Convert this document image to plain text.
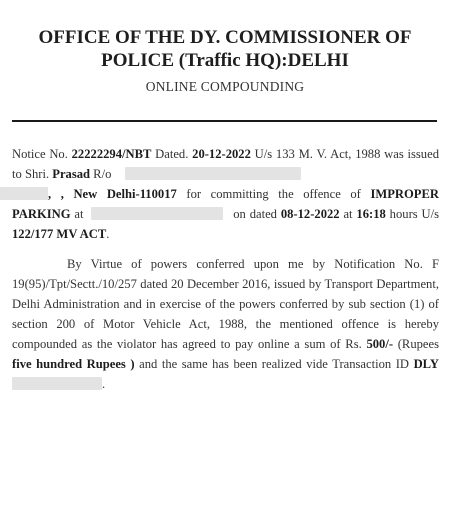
OFFICE OF THE DY. COMMISSIONER OF
POLICE (Traffic HQ):DELHI
ONLINE COMPOUNDING
Notice No. 22222294/NBT Dated. 20-12-2022 U/s 133 M. V. Act, 1988 was issued to Shri. Prasad R/o
, , New Delhi-110017 for committing the offence of IMPROPER PARKING at	on dated 08-12-2022 at 16:18 hours U/s 122/177 MV ACT.
By Virtue of powers conferred upon me by Notification No. F 19(95)/Tpt/Sectt./10/257 dated 20 December 2016, issued by Transport Department, Delhi Administration and in exercise of the powers conferred by sub section (1) of section 200 of Motor Vehicle Act, 1988, the mentioned offence is hereby compounded as the violator has agreed to pay online a sum of Rs. 500/- (Rupees five hundred Rupees ) and the same has been realized vide Transaction ID DLY.
